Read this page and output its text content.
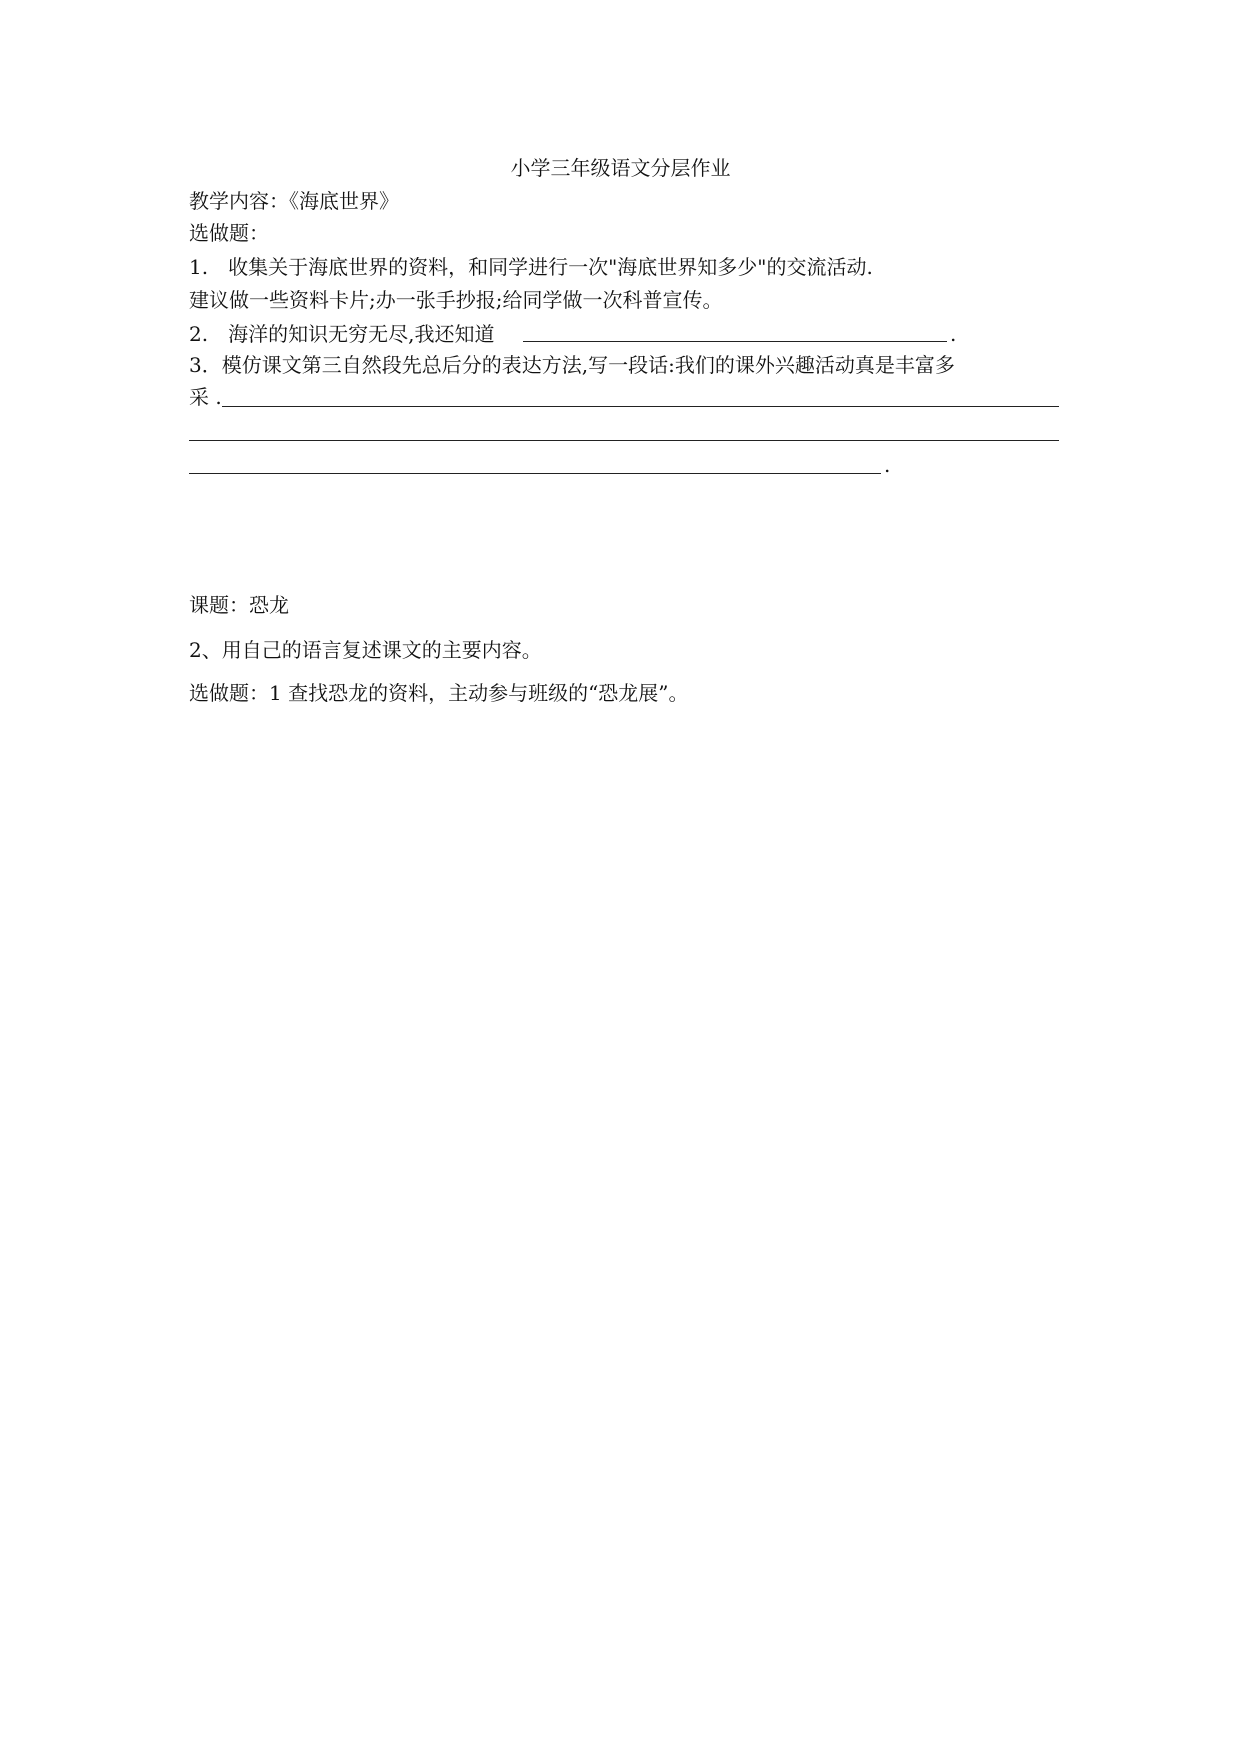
小学三年级语文分层作业
教学内容：《海底世界》
选做题：
1.　收集关于海底世界的资料，和同学进行一次"海底世界知多少"的交流活动.
建议做一些资料卡片;办一张手抄报;给同学做一次科普宣传。
2.　海洋的知识无穷无尽,我还知道	.
3．模仿课文第三自然段先总后分的表达方法,写一段话:我们的课外兴趣活动真是丰富多
采 .
.
课题：恐龙
2、用自己的语言复述课文的主要内容。
选做题：1 查找恐龙的资料，主动参与班级的“恐龙展”。
